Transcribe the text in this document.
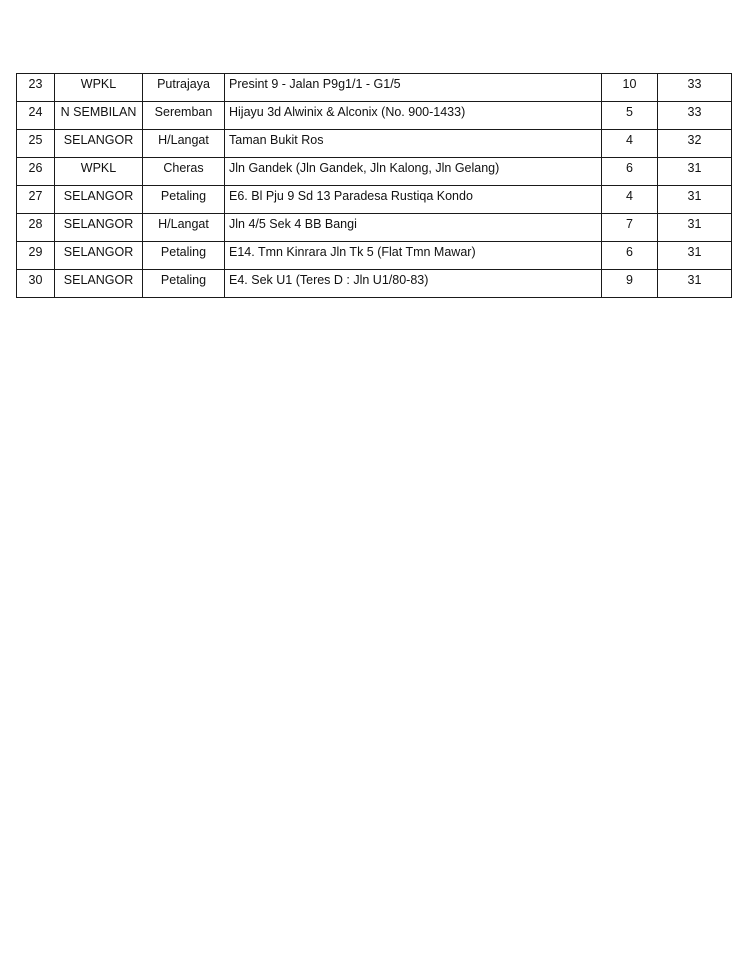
23	WPKL	Putrajaya	Presint 9 - Jalan P9g1/1 - G1/5	10	33
24	N SEMBILAN	Seremban	Hijayu 3d Alwinix & Alconix (No. 900-1433)	5	33
25	SELANGOR	H/Langat	Taman Bukit Ros	4	32
26	WPKL	Cheras	Jln Gandek (Jln Gandek, Jln Kalong, Jln Gelang)	6	31
27	SELANGOR	Petaling	E6. Bl Pju 9 Sd 13 Paradesa Rustiqa Kondo	4	31
28	SELANGOR	H/Langat	Jln 4/5 Sek 4 BB Bangi	7	31
29	SELANGOR	Petaling	E14. Tmn Kinrara Jln Tk 5 (Flat Tmn Mawar)	6	31
30	SELANGOR	Petaling	E4. Sek U1 (Teres D : Jln U1/80-83)	9	31
